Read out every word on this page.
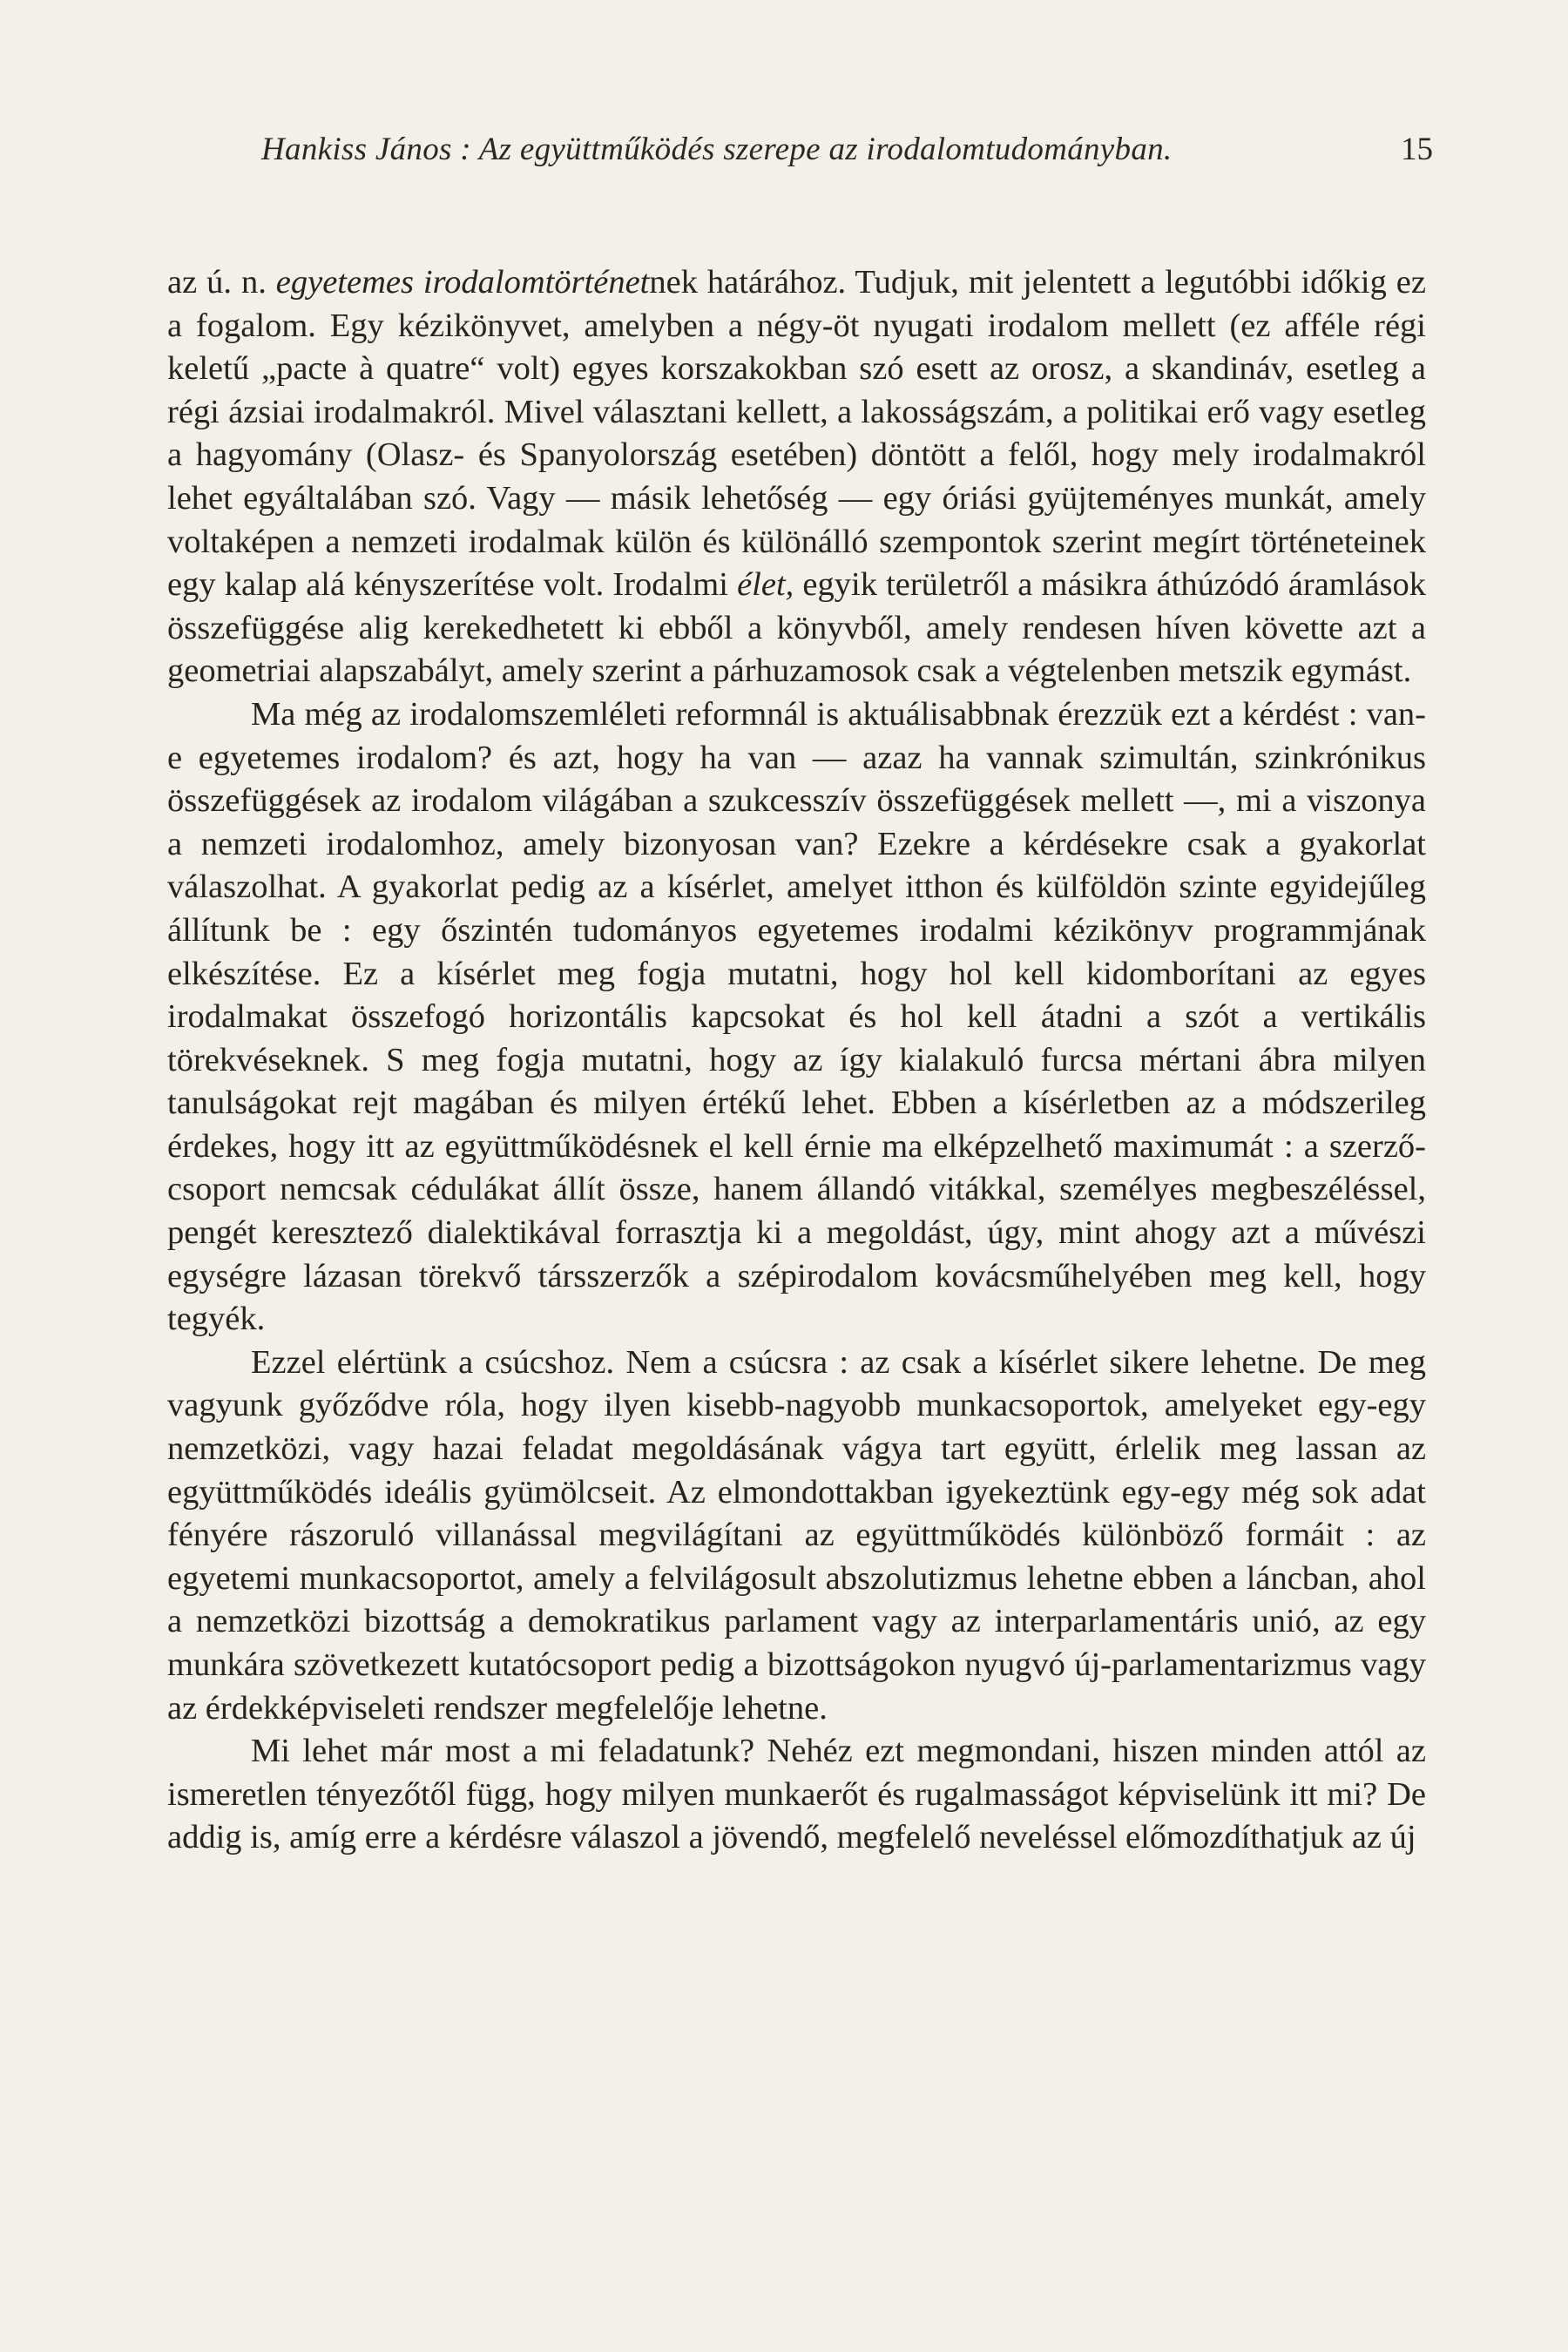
Hankiss János : Az együttműködés szerepe az irodalomtudományban.	15

az ú. n. egyetemes irodalomtörténetnek határához. Tudjuk, mit jelentett a legutóbbi időkig ez a fogalom. Egy kézikönyvet, amelyben a négy-öt nyugati irodalom mellett (ez afféle régi keletű „pacte à quatre“ volt) egyes korszakokban szó esett az orosz, a skandináv, esetleg a régi ázsiai irodalmakról. Mivel választani kellett, a lakosságszám, a politikai erő vagy esetleg a hagyomány (Olasz- és Spanyolország esetében) döntött a felől, hogy mely irodalmakról lehet egyáltalában szó. Vagy — másik lehetőség — egy óriási gyüjteményes munkát, amely voltaképen a nemzeti irodalmak külön és különálló szempontok szerint megírt történeteinek egy kalap alá kényszerítése volt. Irodalmi élet, egyik területről a másikra áthúzódó áramlások összefüggése alig kerekedhetett ki ebből a könyvből, amely rendesen híven követte azt a geometriai alapszabályt, amely szerint a párhuzamosok csak a végtelenben metszik egymást.

Ma még az irodalomszemléleti reformnál is aktuálisabbnak érezzük ezt a kérdést : van-e egyetemes irodalom? és azt, hogy ha van — azaz ha vannak szimultán, szinkrónikus összefüggések az irodalom világában a szukcesszív összefüggések mellett —, mi a viszonya a nemzeti irodalomhoz, amely bizonyosan van? Ezekre a kérdésekre csak a gyakorlat válaszolhat. A gyakorlat pedig az a kísérlet, amelyet itthon és külföldön szinte egyidejűleg állítunk be : egy őszintén tudományos egyetemes irodalmi kézikönyv programmjának elkészítése. Ez a kísérlet meg fogja mutatni, hogy hol kell kidomborítani az egyes irodalmakat összefogó horizontális kapcsokat és hol kell átadni a szót a vertikális törekvéseknek. S meg fogja mutatni, hogy az így kialakuló furcsa mértani ábra milyen tanulságokat rejt magában és milyen értékű lehet. Ebben a kísérletben az a módszerileg érdekes, hogy itt az együttműködésnek el kell érnie ma elképzelhető maximumát : a szerző-csoport nemcsak cédulákat állít össze, hanem állandó vitákkal, személyes megbeszéléssel, pengét keresztező dialektikával forrasztja ki a megoldást, úgy, mint ahogy azt a művészi egységre lázasan törekvő társszerzők a szépirodalom kovácsműhelyében meg kell, hogy tegyék.

Ezzel elértünk a csúcshoz. Nem a csúcsra : az csak a kísérlet sikere lehetne. De meg vagyunk győződve róla, hogy ilyen kisebb-nagyobb munkacsoportok, amelyeket egy-egy nemzetközi, vagy hazai feladat megoldásának vágya tart együtt, érlelik meg lassan az együttműködés ideális gyümölcseit. Az elmondottakban igyekeztünk egy-egy még sok adat fényére rászoruló villanással megvilágítani az együttműködés különböző formáit : az egyetemi munkacsoportot, amely a felvilágosult abszolutizmus lehetne ebben a láncban, ahol a nemzetközi bizottság a demokratikus parlament vagy az interparlamentáris unió, az egy munkára szövetkezett kutatócsoport pedig a bizottságokon nyugvó új-parlamentarizmus vagy az érdekképviseleti rendszer megfelelője lehetne.

Mi lehet már most a mi feladatunk? Nehéz ezt megmondani, hiszen minden attól az ismeretlen tényezőtől függ, hogy milyen munkaerőt és rugalmasságot képviselünk itt mi? De addig is, amíg erre a kérdésre válaszol a jövendő, megfelelő neveléssel előmozdíthatjuk az új
